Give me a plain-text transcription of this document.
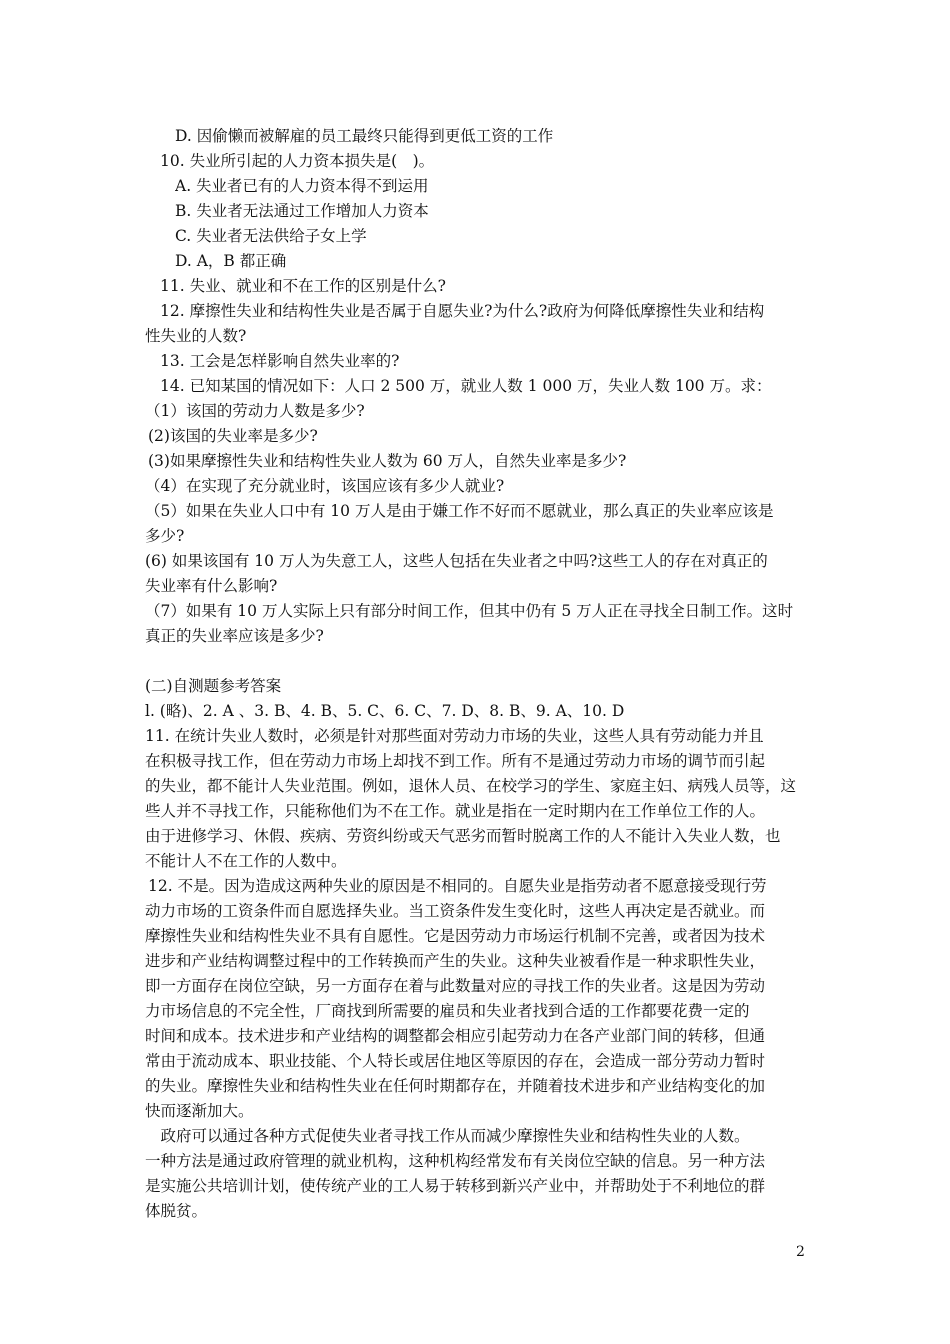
D. 因偷懒而被解雇的员工最终只能得到更低工资的工作
10. 失业所引起的人力资本损失是(　)。
A. 失业者已有的人力资本得不到运用
B. 失业者无法通过工作增加人力资本
C. 失业者无法供给子女上学
D. A，B 都正确
11. 失业、就业和不在工作的区别是什么?
12. 摩擦性失业和结构性失业是否属于自愿失业?为什么?政府为何降低摩擦性失业和结构
性失业的人数?
13. 工会是怎样影响自然失业率的?
14. 已知某国的情况如下：人口 2 500 万，就业人数 1 000 万，失业人数 100 万。求：
（1）该国的劳动力人数是多少?
(2)该国的失业率是多少?
(3)如果摩擦性失业和结构性失业人数为 60 万人，自然失业率是多少?
（4）在实现了充分就业时，该国应该有多少人就业?
（5）如果在失业人口中有 10 万人是由于嫌工作不好而不愿就业，那么真正的失业率应该是
多少?
(6) 如果该国有 10 万人为失意工人，这些人包括在失业者之中吗?这些工人的存在对真正的
失业率有什么影响?
（7）如果有 10 万人实际上只有部分时间工作，但其中仍有 5 万人正在寻找全日制工作。这时
真正的失业率应该是多少?
(二)自测题参考答案
l. (略)、2. A 、3. B、4. B、5. C、6. C、7. D、8. B、9. A、10. D
11. 在统计失业人数时，必须是针对那些面对劳动力市场的失业，这些人具有劳动能力并且
在积极寻找工作，但在劳动力市场上却找不到工作。所有不是通过劳动力市场的调节而引起
的失业，都不能计人失业范围。例如，退休人员、在校学习的学生、家庭主妇、病残人员等，这
些人并不寻找工作，只能称他们为不在工作。就业是指在一定时期内在工作单位工作的人。
由于进修学习、休假、疾病、劳资纠纷或天气恶劣而暂时脱离工作的人不能计入失业人数，也
不能计人不在工作的人数中。
12. 不是。因为造成这两种失业的原因是不相同的。自愿失业是指劳动者不愿意接受现行劳
动力市场的工资条件而自愿选择失业。当工资条件发生变化时，这些人再决定是否就业。而
摩擦性失业和结构性失业不具有自愿性。它是因劳动力市场运行机制不完善，或者因为技术
进步和产业结构调整过程中的工作转换而产生的失业。这种失业被看作是一种求职性失业，
即一方面存在岗位空缺，另一方面存在着与此数量对应的寻找工作的失业者。这是因为劳动
力市场信息的不完全性，厂商找到所需要的雇员和失业者找到合适的工作都要花费一定的
时间和成本。技术进步和产业结构的调整都会相应引起劳动力在各产业部门间的转移，但通
常由于流动成本、职业技能、个人特长或居住地区等原因的存在，会造成一部分劳动力暂时
的失业。摩擦性失业和结构性失业在任何时期都存在，并随着技术进步和产业结构变化的加
快而逐渐加大。
　政府可以通过各种方式促使失业者寻找工作从而减少摩擦性失业和结构性失业的人数。
一种方法是通过政府管理的就业机构，这种机构经常发布有关岗位空缺的信息。另一种方法
是实施公共培训计划，使传统产业的工人易于转移到新兴产业中，并帮助处于不利地位的群
体脱贫。
2
